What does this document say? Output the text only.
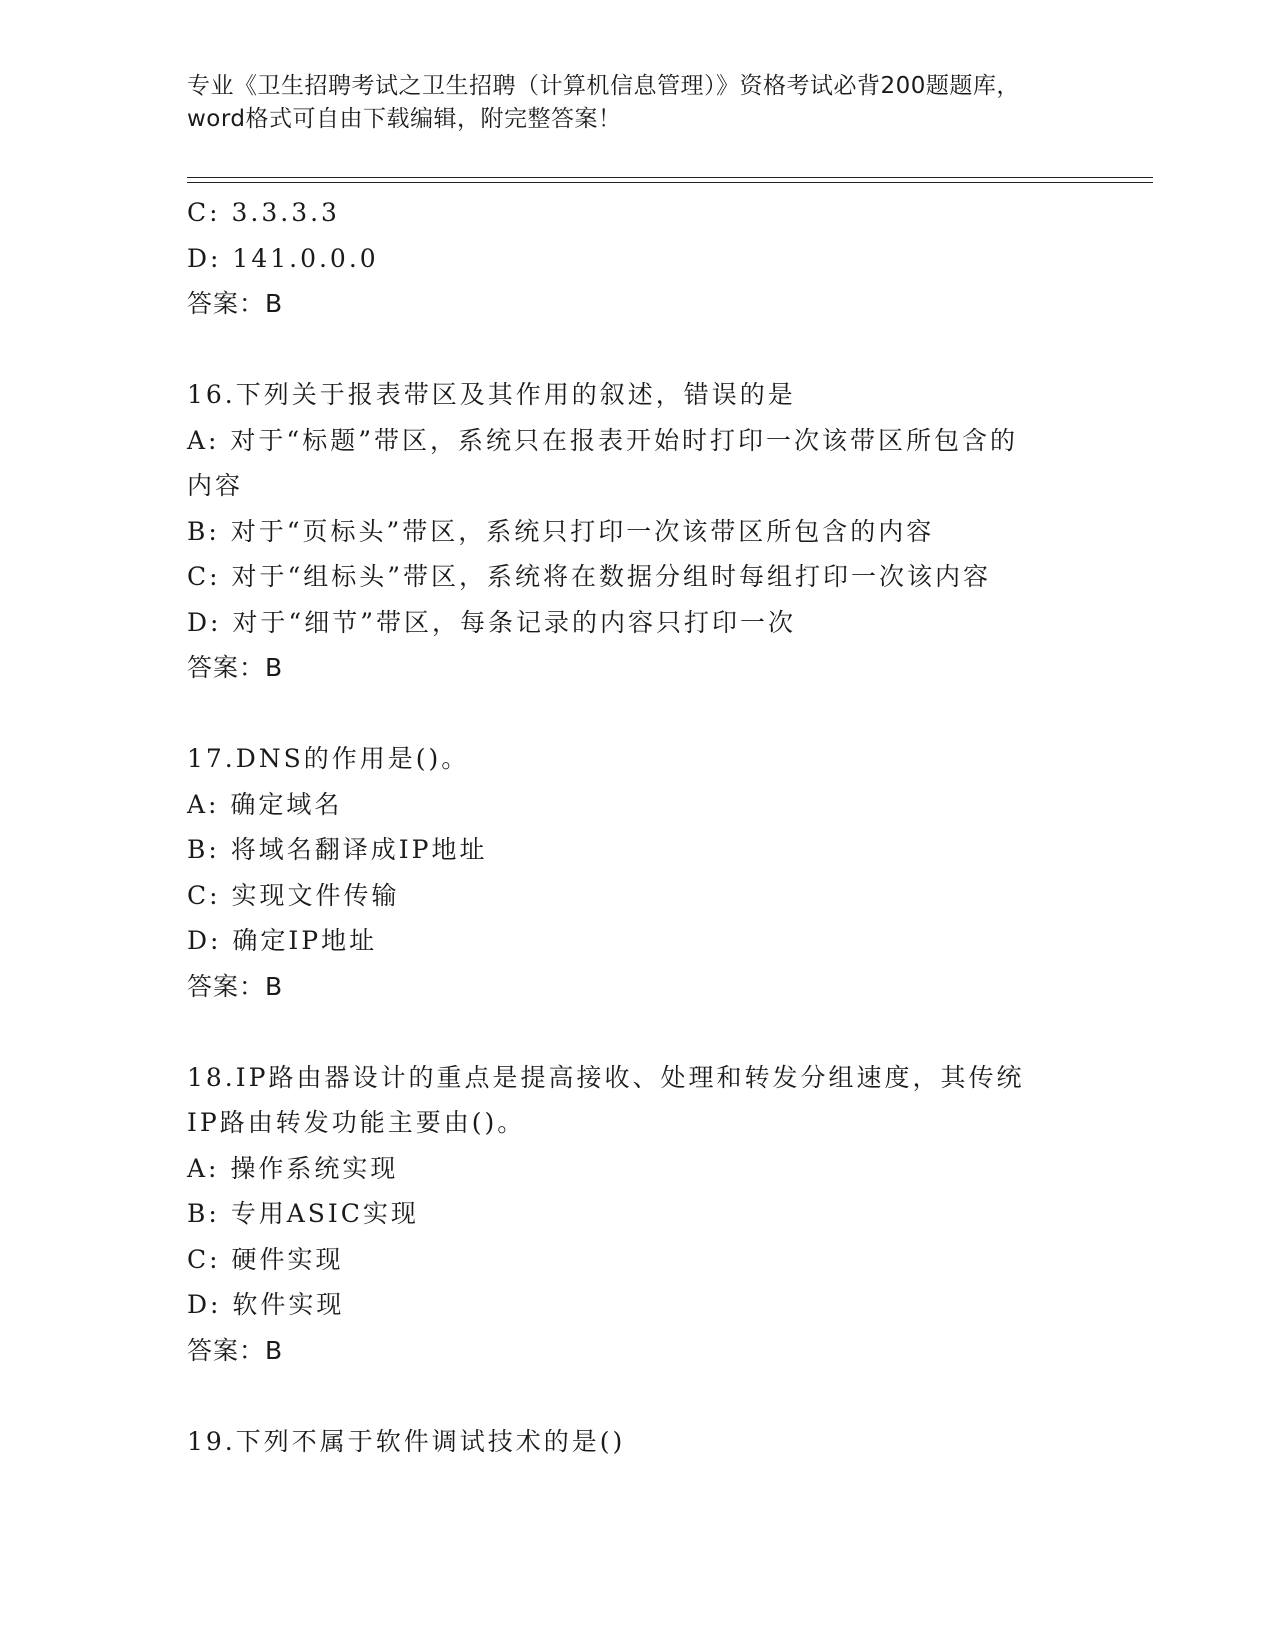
专业《卫生招聘考试之卫生招聘（计算机信息管理）》资格考试必背200题题库，
word格式可自由下载编辑，附完整答案！
C: 3.3.3.3
D: 141.0.0.0
答案：B
16.下列关于报表带区及其作用的叙述，错误的是
A: 对于“标题”带区，系统只在报表开始时打印一次该带区所包含的
内容
B: 对于“页标头”带区，系统只打印一次该带区所包含的内容
C: 对于“组标头”带区，系统将在数据分组时每组打印一次该内容
D: 对于“细节”带区，每条记录的内容只打印一次
答案：B
17.DNS的作用是()。
A: 确定域名
B: 将域名翻译成IP地址
C: 实现文件传输
D: 确定IP地址
答案：B
18.IP路由器设计的重点是提高接收、处理和转发分组速度，其传统
IP路由转发功能主要由()。
A: 操作系统实现
B: 专用ASIC实现
C: 硬件实现
D: 软件实现
答案：B
19.下列不属于软件调试技术的是()
